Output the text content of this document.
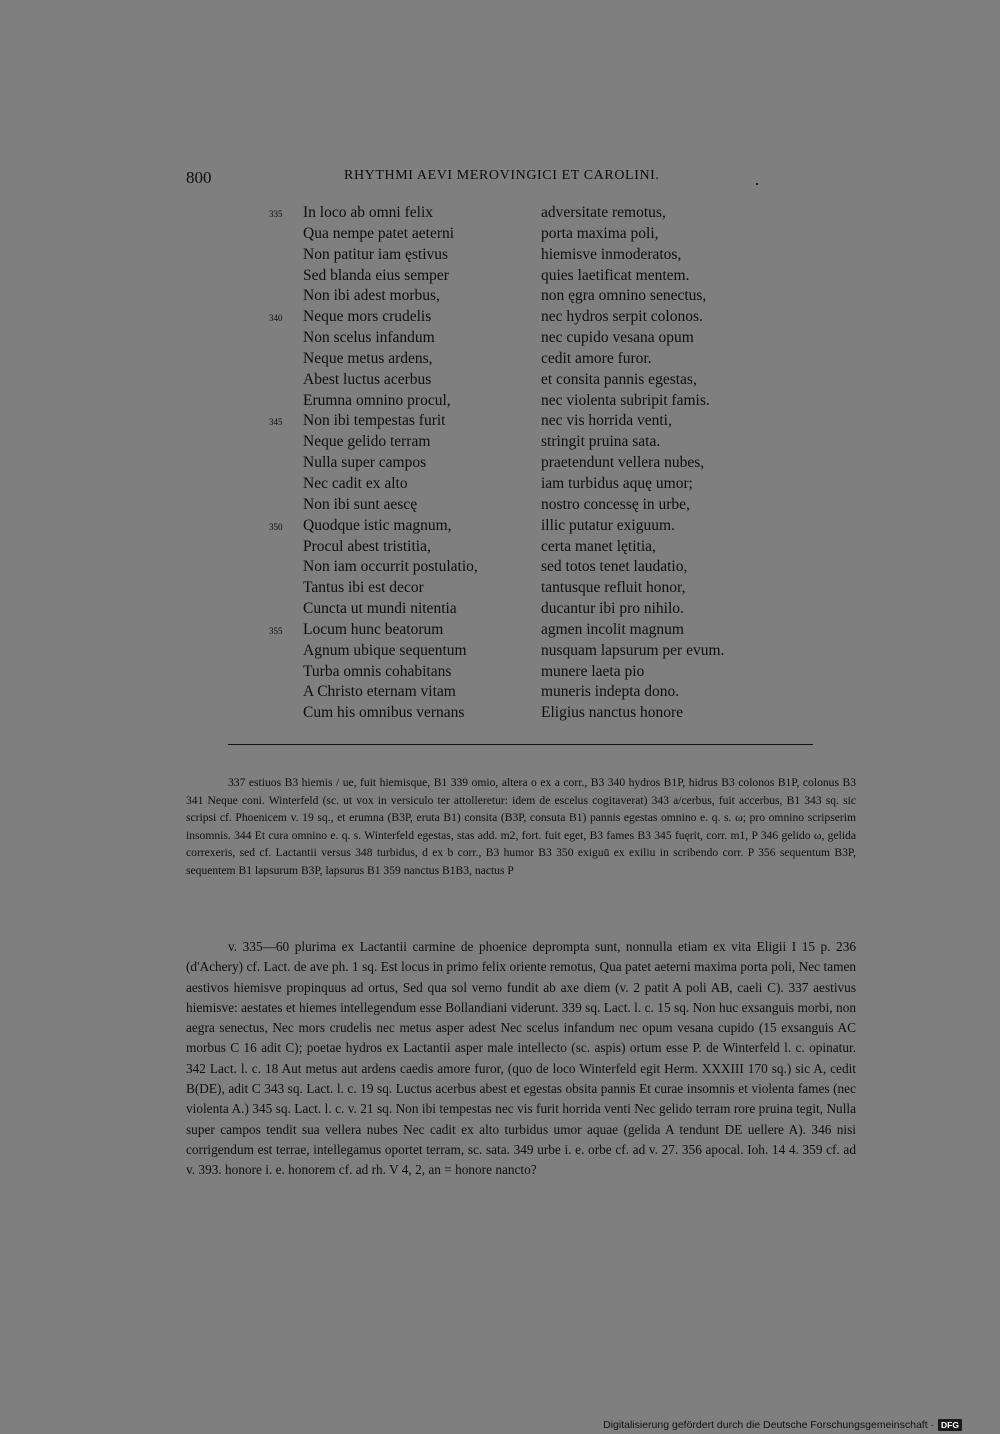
800	RHYTHMI AEVI MEROVINGICI ET CAROLINI.
335 In loco ab omni felix	adversitate remotus,
Qua nempe patet aeterni	porta maxima poli,
Non patitur iam ęstivus	hiemisve inmoderatos,
Sed blanda eius semper	quies laetificat mentem.
Non ibi adest morbus,	non ęgra omnino senectus,
340 Neque mors crudelis	nec hydros serpit colonos.
Non scelus infandum	nec cupido vesana opum
Neque metus ardens,	cedit amore furor.
Abest luctus acerbus	et consita pannis egestas,
Erumna omnino procul,	nec violenta subripit famis.
345 Non ibi tempestas furit	nec vis horrida venti,
Neque gelido terram	stringit pruina sata.
Nulla super campos	praetendunt vellera nubes,
Nec cadit ex alto	iam turbidus aquę umor;
Non ibi sunt aescę	nostro concessę in urbe,
350 Quodque istic magnum,	illic putatur exiguum.
Procul abest tristitia,	certa manet lętitia,
Non iam occurrit postulatio,	sed totos tenet laudatio,
Tantus ibi est decor	tantusque refluit honor,
Cuncta ut mundi nitentia	ducantur ibi pro nihilo.
355 Locum hunc beatorum	agmen incolit magnum
Agnum ubique sequentum	nusquam lapsurum per evum.
Turba omnis cohabitans	munere laeta pio
A Christo eternam vitam	muneris indepta dono.
Cum his omnibus vernans	Eligius nanctus honore

337 estiuos B3 hiemis / ue, fuit hiemisque, B1 339 omio, altera o ex a corr., B3 340 hydros B1P, hidrus B3 colonos B1P, colonus B3 341 Neque coni. Winterfeld (sc. ut vox in versiculo ter attolleretur: idem de escelus cogitaverat) 343 a/cerbus, fuit accerbus, B1 343 sq. sic scripsi cf. Phoenicem v. 19 sq., et erumna (B3P, eruta B1) consita (B3P, consuta B1) pannis egestas omnino e. q. s. ω; pro omnino scripserim insomnis. 344 Et cura omnino e. q. s. Winterfeld egestas, stas add. m2, fort. fuit eget, B3 fames B3 345 fuęrit, corr. m1, P 346 gelido ω, gelida correxeris, sed cf. Lactantii versus 348 turbidus, d ex b corr., B3 humor B3 350 exiguū ex exiliu in scribendo corr. P 356 sequentum B3P, sequentem B1 lapsurum B3P, lapsurus B1 359 nanctus B1B3, nactus P

v. 335—60 plurima ex Lactantii carmine de phoenice deprompta sunt, nonnulla etiam ex vita Eligii I 15 p. 236 (d'Achery) cf. Lact. de ave ph. 1 sq. Est locus in primo felix oriente remotus, Qua patet aeterni maxima porta poli, Nec tamen aestivos hiemisve propinquus ad ortus, Sed qua sol verno fundit ab axe diem (v. 2 patit A poli AB, caeli C). 337 aestivus hiemisve: aestates et hiemes intellegendum esse Bollandiani viderunt. 339 sq. Lact. l. c. 15 sq. Non huc exsanguis morbi, non aegra senectus, Nec mors crudelis nec metus asper adest Nec scelus infandum nec opum vesana cupido (15 exsanguis AC morbus C 16 adit C); poetae hydros ex Lactantii asper male intellecto (sc. aspis) ortum esse P. de Winterfeld l. c. opinatur. 342 Lact. l. c. 18 Aut metus aut ardens caedis amore furor, (quo de loco Winterfeld egit Herm. XXXIII 170 sq.) sic A, cedit B(DE), adit C 343 sq. Lact. l. c. 19 sq. Luctus acerbus abest et egestas obsita pannis Et curae insomnis et violenta fames (nec violenta A.) 345 sq. Lact. l. c. v. 21 sq. Non ibi tempestas nec vis furit horrida venti Nec gelido terram rore pruina tegit, Nulla super campos tendit sua vellera nubes Nec cadit ex alto turbidus umor aquae (gelida A tendunt DE uellere A). 346 nisi corrigendum est terrae, intellegamus oportet terram, sc. sata. 349 urbe i. e. orbe cf. ad v. 27. 356 apocal. Ioh. 14 4. 359 cf. ad v. 393. honore i. e. honorem cf. ad rh. V 4, 2, an = honore nancto?

Digitalisierung gefördert durch die Deutsche Forschungsgemeinschaft · DFG
